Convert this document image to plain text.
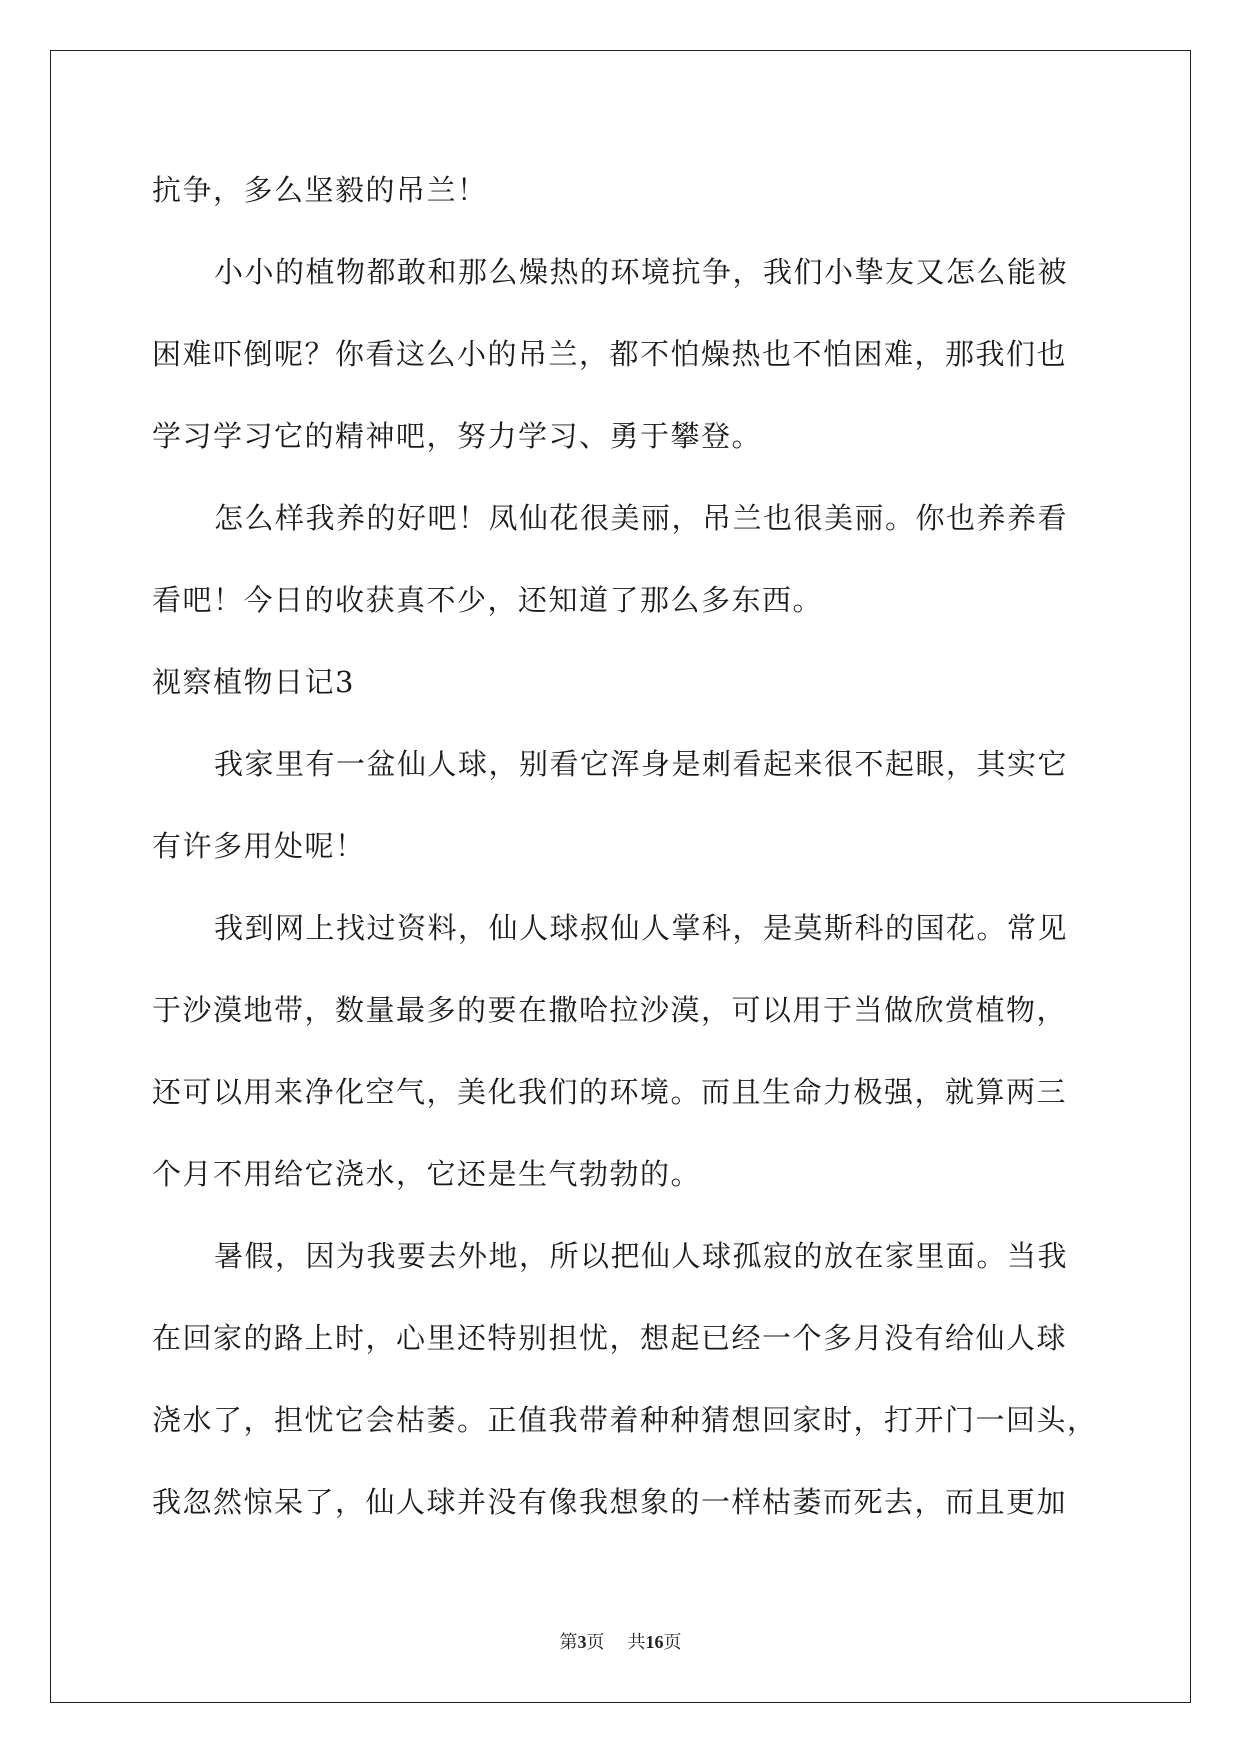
抗争，多么坚毅的吊兰！
小小的植物都敢和那么燥热的环境抗争，我们小挚友又怎么能被
困难吓倒呢？你看这么小的吊兰，都不怕燥热也不怕困难，那我们也
学习学习它的精神吧，努力学习、勇于攀登。
怎么样我养的好吧！凤仙花很美丽，吊兰也很美丽。你也养养看
看吧！今日的收获真不少，还知道了那么多东西。
视察植物日记3
我家里有一盆仙人球，别看它浑身是刺看起来很不起眼，其实它
有许多用处呢！
我到网上找过资料，仙人球叔仙人掌科，是莫斯科的国花。常见
于沙漠地带，数量最多的要在撒哈拉沙漠，可以用于当做欣赏植物，
还可以用来净化空气，美化我们的环境。而且生命力极强，就算两三
个月不用给它浇水，它还是生气勃勃的。
暑假，因为我要去外地，所以把仙人球孤寂的放在家里面。当我
在回家的路上时，心里还特别担忧，想起已经一个多月没有给仙人球
浇水了，担忧它会枯萎。正值我带着种种猜想回家时，打开门一回头，
我忽然惊呆了，仙人球并没有像我想象的一样枯萎而死去，而且更加
第3页 共16页
